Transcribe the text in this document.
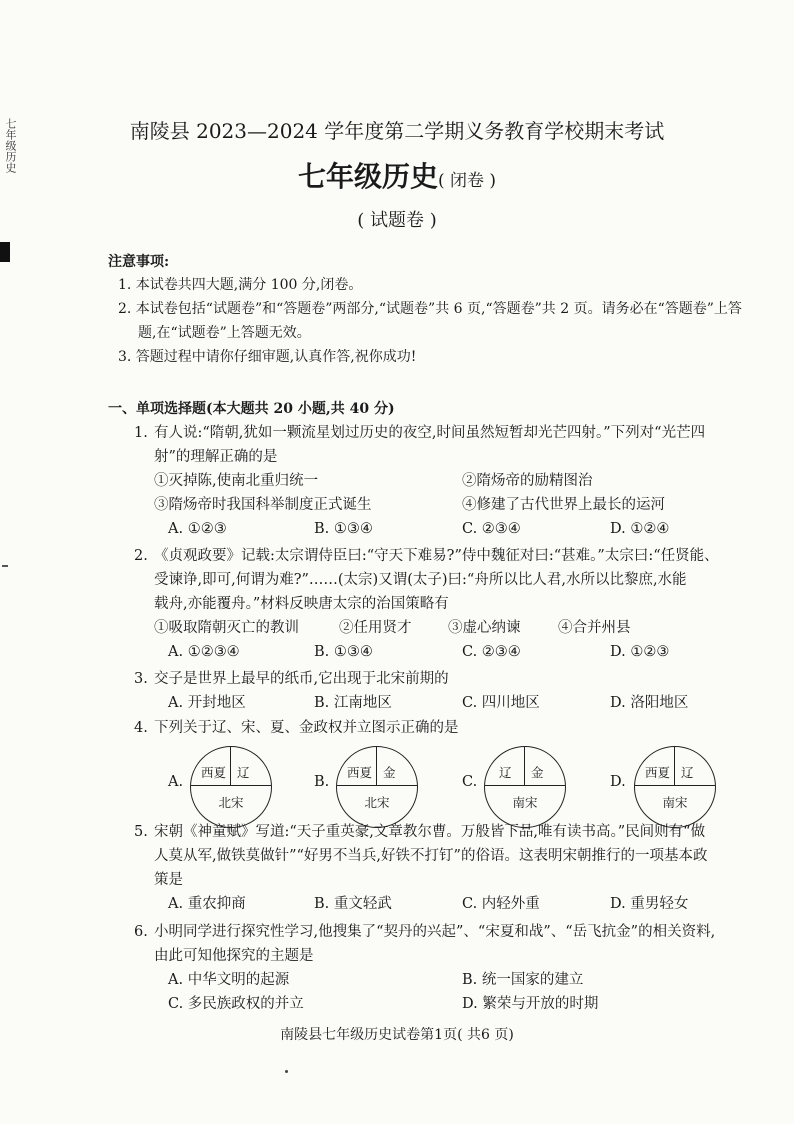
七年级历史	南陵县 2023—2024 学年度第二学期义务教育学校期末考试
七年级历史( 闭卷 )
( 试题卷 )
注意事项:
1. 本试卷共四大题,满分 100 分,闭卷。
2. 本试卷包括“试题卷”和“答题卷”两部分,“试题卷”共 6 页,“答题卷”共 2 页。请务必在“答题卷”上答题,在“试题卷”上答题无效。
3. 答题过程中请你仔细审题,认真作答,祝你成功!
一、单项选择题(本大题共 20 小题,共 40 分)
1. 有人说:“隋朝,犹如一颗流星划过历史的夜空,时间虽然短暂却光芒四射。”下列对“光芒四
射”的理解正确的是
①灭掉陈,使南北重归统一	②隋炀帝的励精图治
③隋炀帝时我国科举制度正式诞生	④修建了古代世界上最长的运河
A. ①②③	B. ①③④	C. ②③④	D. ①②④
2. 《贞观政要》记载:太宗谓侍臣曰:“守天下难易?”侍中魏征对曰:“甚难。”太宗曰:“任贤能、
受谏诤,即可,何谓为难?”……(太宗)又谓(太子)曰:“舟所以比人君,水所以比黎庶,水能
载舟,亦能覆舟。”材料反映唐太宗的治国策略有
①吸取隋朝灭亡的教训	②任用贤才	③虚心纳谏	④合并州县
A. ①②③④	B. ①③④	C. ②③④	D. ①②③
3. 交子是世界上最早的纸币,它出现于北宋前期的
A. 开封地区	B. 江南地区	C. 四川地区	D. 洛阳地区
4. 下列关于辽、宋、夏、金政权并立图示正确的是
A.	B.	C.	D.
西夏 辽
北宋
西夏 金
北宋
辽 金
南宋
西夏 辽
南宋
5. 宋朝《神童赋》写道:“天子重英豪,文章教尔曹。万般皆下品,唯有读书高。”民间则有“做
人莫从军,做铁莫做针”“好男不当兵,好铁不打钉”的俗语。这表明宋朝推行的一项基本政
策是
A. 重农抑商	B. 重文轻武	C. 内轻外重	D. 重男轻女
6. 小明同学进行探究性学习,他搜集了“契丹的兴起”、“宋夏和战”、“岳飞抗金”的相关资料,
由此可知他探究的主题是
A. 中华文明的起源	B. 统一国家的建立
C. 多民族政权的并立	D. 繁荣与开放的时期
南陵县七年级历史试卷第1页( 共6 页)
